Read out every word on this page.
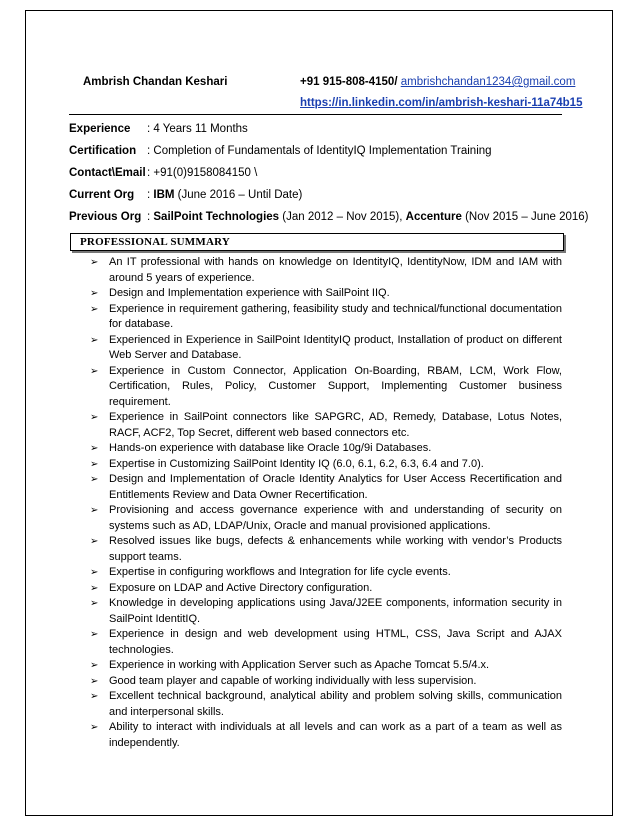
Ambrish Chandan Keshari	+91 915-808-4150/ ambrishchandan1234@gmail.com
https://in.linkedin.com/in/ambrish-keshari-11a74b15
Experience : 4 Years 11 Months
Certification : Completion of Fundamentals of IdentityIQ Implementation Training
Contact\Email: +91(0)9158084150 \
Current Org : IBM (June 2016 – Until Date)
Previous Org : SailPoint Technologies (Jan 2012 – Nov 2015), Accenture (Nov 2015 – June 2016)
PROFESSIONAL SUMMARY
➢ An IT professional with hands on knowledge on IdentityIQ, IdentityNow, IDM and IAM with around 5 years of experience.
➢ Design and Implementation experience with SailPoint IIQ.
➢ Experience in requirement gathering, feasibility study and technical/functional documentation for database.
➢ Experienced in Experience in SailPoint IdentityIQ product, Installation of product on different Web Server and Database.
➢ Experience in Custom Connector, Application On-Boarding, RBAM, LCM, Work Flow, Certification, Rules, Policy, Customer Support, Implementing Customer business requirement.
➢ Experience in SailPoint connectors like SAPGRC, AD, Remedy, Database, Lotus Notes, RACF, ACF2, Top Secret, different web based connectors etc.
➢ Hands-on experience with database like Oracle 10g/9i Databases.
➢ Expertise in Customizing SailPoint Identity IQ (6.0, 6.1, 6.2, 6.3, 6.4 and 7.0).
➢ Design and Implementation of Oracle Identity Analytics for User Access Recertification and Entitlements Review and Data Owner Recertification.
➢ Provisioning and access governance experience with and understanding of security on systems such as AD, LDAP/Unix, Oracle and manual provisioned applications.
➢ Resolved issues like bugs, defects & enhancements while working with vendor’s Products support teams.
➢ Expertise in configuring workflows and Integration for life cycle events.
➢ Exposure on LDAP and Active Directory configuration.
➢ Knowledge in developing applications using Java/J2EE components, information security in SailPoint IdentitIQ.
➢ Experience in design and web development using HTML, CSS, Java Script and AJAX technologies.
➢ Experience in working with Application Server such as Apache Tomcat 5.5/4.x.
➢ Good team player and capable of working individually with less supervision.
➢ Excellent technical background, analytical ability and problem solving skills, communication and interpersonal skills.
➢ Ability to interact with individuals at all levels and can work as a part of a team as well as independently.
